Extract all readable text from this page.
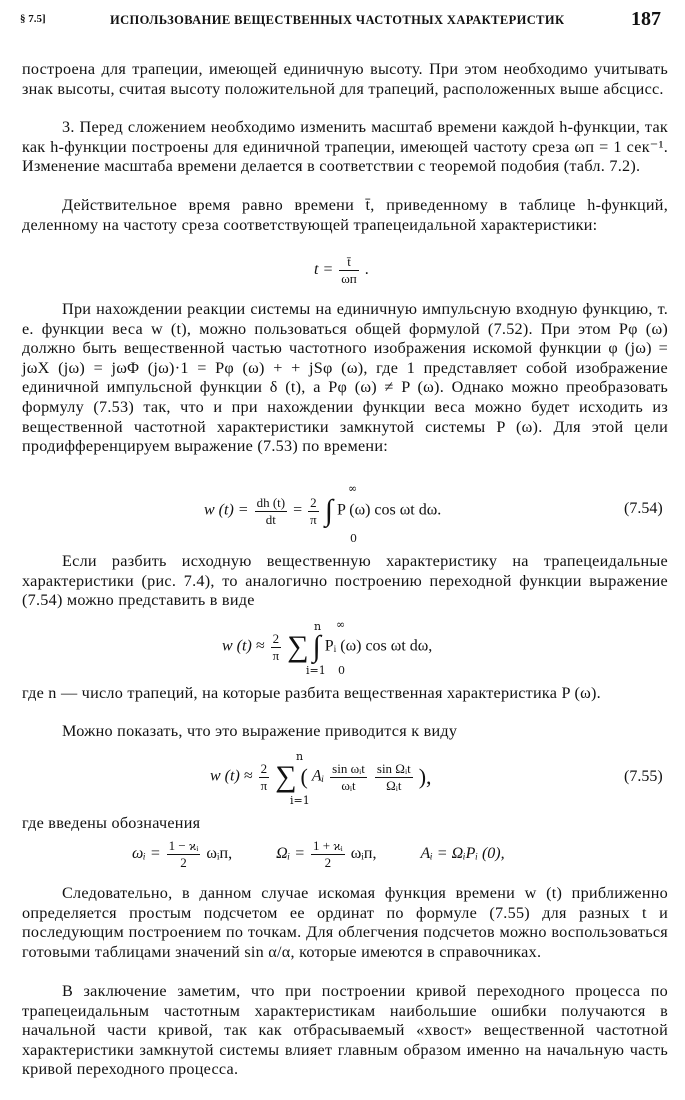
§ 7.5]	ИСПОЛЬЗОВАНИЕ ВЕЩЕСТВЕННЫХ ЧАСТОТНЫХ ХАРАКТЕРИСТИК	187
построена для трапеции, имеющей единичную высоту. При этом необходимо учитывать знак высоты, считая высоту положительной для трапеций, расположенных выше абсцисс.
3. Перед сложением необходимо изменить масштаб времени каждой h-функции, так как h-функции построены для единичной трапеции, имеющей частоту среза ωп = 1 сек⁻¹. Изменение масштаба времени делается в соответствии с теоремой подобия (табл. 7.2).
Действительное время равно времени t̄, приведенному в таблице h-функций, деленному на частоту среза соответствующей трапецеидальной характеристики:
$t = \frac{t̄}{\omega п}$ .
При нахождении реакции системы на единичную импульсную входную функцию, т. е. функции веса w (t), можно пользоваться общей формулой (7.52). При этом Pφ (ω) должно быть вещественной частью частотного изображения искомой функции φ (jω) = jωX (jω) = jωΦ (jω)·1 = Pφ (ω) + + jSφ (ω), где 1 представляет собой изображение единичной импульсной функции δ (t), а Pφ (ω) ≠ P (ω). Однако можно преобразовать формулу (7.53) так, что и при нахождении функции веса можно будет исходить из вещественной частотной характеристики замкнутой системы P (ω). Для этой цели продифференцируем выражение (7.53) по времени:
w $(t) = \frac{dh (t)}{dt} = \frac{2}{\pi}$ ∫ P (ω) cos ωt dω.
∞
0
(7.54)
Если разбить исходную вещественную характеристику на трапецеидальные характеристики (рис. 7.4), то аналогично построению переходной функции выражение (7.54) можно представить в виде
w $(t) \approx \frac{2}{\pi}$ ∑ ∫ Pᵢ (ω) cos ωt dω,
n
i=1
∞
0
где n — число трапеций, на которые разбита вещественная характеристика P (ω).
Можно показать, что это выражение приводится к виду
w $(t) \approx \frac{2}{\pi}$ ∑ ( Aᵢ $\frac{\text{sin ωᵢt}}{\text{ωᵢt}}$
$\frac{\text{sin Ωᵢt}}{\text{Ωᵢt}}$ ),
n
i=1
(7.55)
где введены обозначения
ωᵢ = $\frac{\text{1 − ϰᵢ}}{2}$ ωᵢп,	Ωᵢ = $\frac{\text{1 + ϰᵢ}}{2}$ ωᵢп,	Aᵢ = ΩᵢPᵢ (0),
Следовательно, в данном случае искомая функция времени w (t) приближенно определяется простым подсчетом ее ординат по формуле (7.55) для разных t и последующим построением по точкам. Для облегчения подсчетов можно воспользоваться готовыми таблицами значений sin α/α, которые имеются в справочниках.
В заключение заметим, что при построении кривой переходного процесса по трапецеидальным частотным характеристикам наибольшие ошибки получаются в начальной части кривой, так как отбрасываемый «хвост» вещественной частотной характеристики замкнутой системы влияет главным образом именно на начальную часть кривой переходного процесса.
